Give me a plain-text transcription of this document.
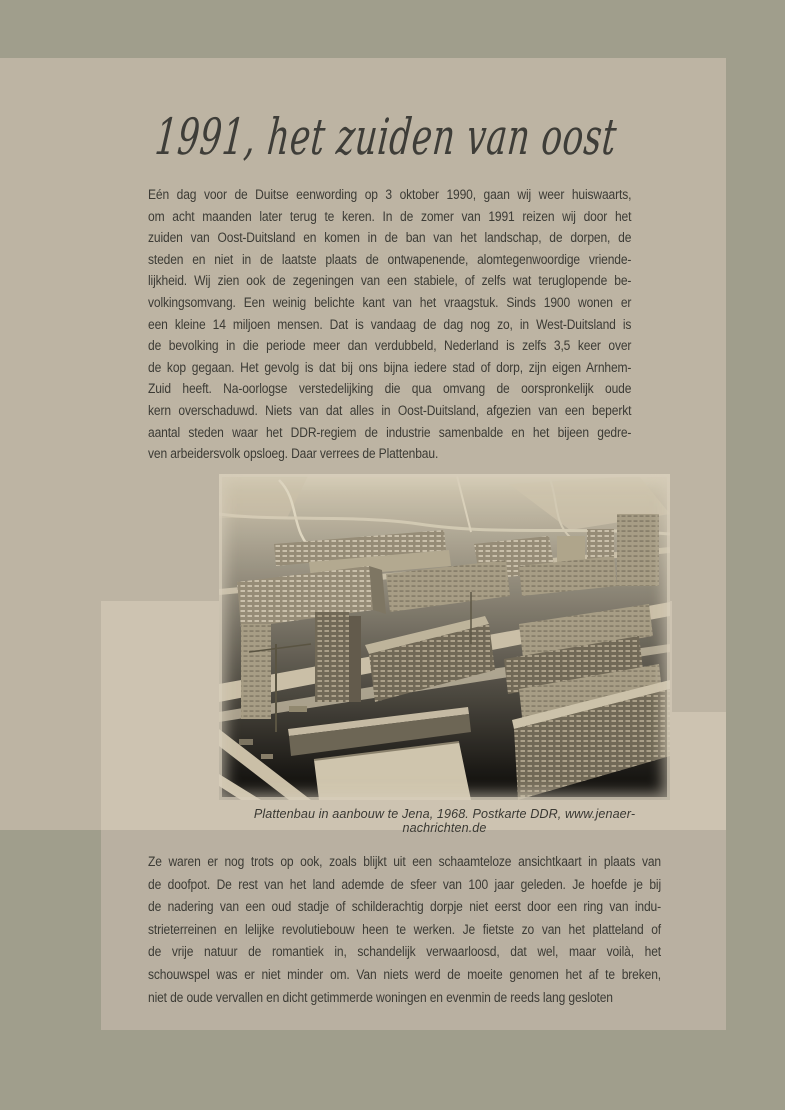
1991, het zuiden van oost
Eén dag voor de Duitse eenwording op 3 oktober 1990, gaan wij weer huiswaarts,
om acht maanden later terug te keren. In de zomer van 1991 reizen wij door het
zuiden van Oost-Duitsland en komen in de ban van het landschap, de dorpen, de
steden en niet in de laatste plaats de ontwapenende, alomtegenwoordige vriende-
lijkheid. Wij zien ook de zegeningen van een stabiele, of zelfs wat teruglopende be-
volkingsomvang. Een weinig belichte kant van het vraagstuk. Sinds 1900 wonen er
een kleine 14 miljoen mensen. Dat is vandaag de dag nog zo, in West-Duitsland is
de bevolking in die periode meer dan verdubbeld, Nederland is zelfs 3,5 keer over
de kop gegaan. Het gevolg is dat bij ons bijna iedere stad of dorp, zijn eigen Arnhem-
Zuid heeft. Na-oorlogse verstedelijking die qua omvang de oorspronkelijk oude
kern overschaduwd. Niets van dat alles in Oost-Duitsland, afgezien van een beperkt
aantal steden waar het DDR-regiem de industrie samenbalde en het bijeen gedre-
ven arbeidersvolk opsloeg. Daar verrees de Plattenbau.
Plattenbau in aanbouw te Jena, 1968. Postkarte DDR, www.jenaer-nachrichten.de
Ze waren er nog trots op ook, zoals blijkt uit een schaamteloze ansichtkaart in plaats van
de doofpot. De rest van het land ademde de sfeer van 100 jaar geleden. Je hoefde je bij
de nadering van een oud stadje of schilderachtig dorpje niet eerst door een ring van indu-
strieterreinen en lelijke revolutiebouw heen te werken. Je fietste zo van het platteland of
de vrije natuur de romantiek in, schandelijk verwaarloosd, dat wel, maar voilà, het
schouwspel was er niet minder om. Van niets werd de moeite genomen het af te breken,
niet de oude vervallen en dicht getimmerde woningen en evenmin de reeds lang gesloten
